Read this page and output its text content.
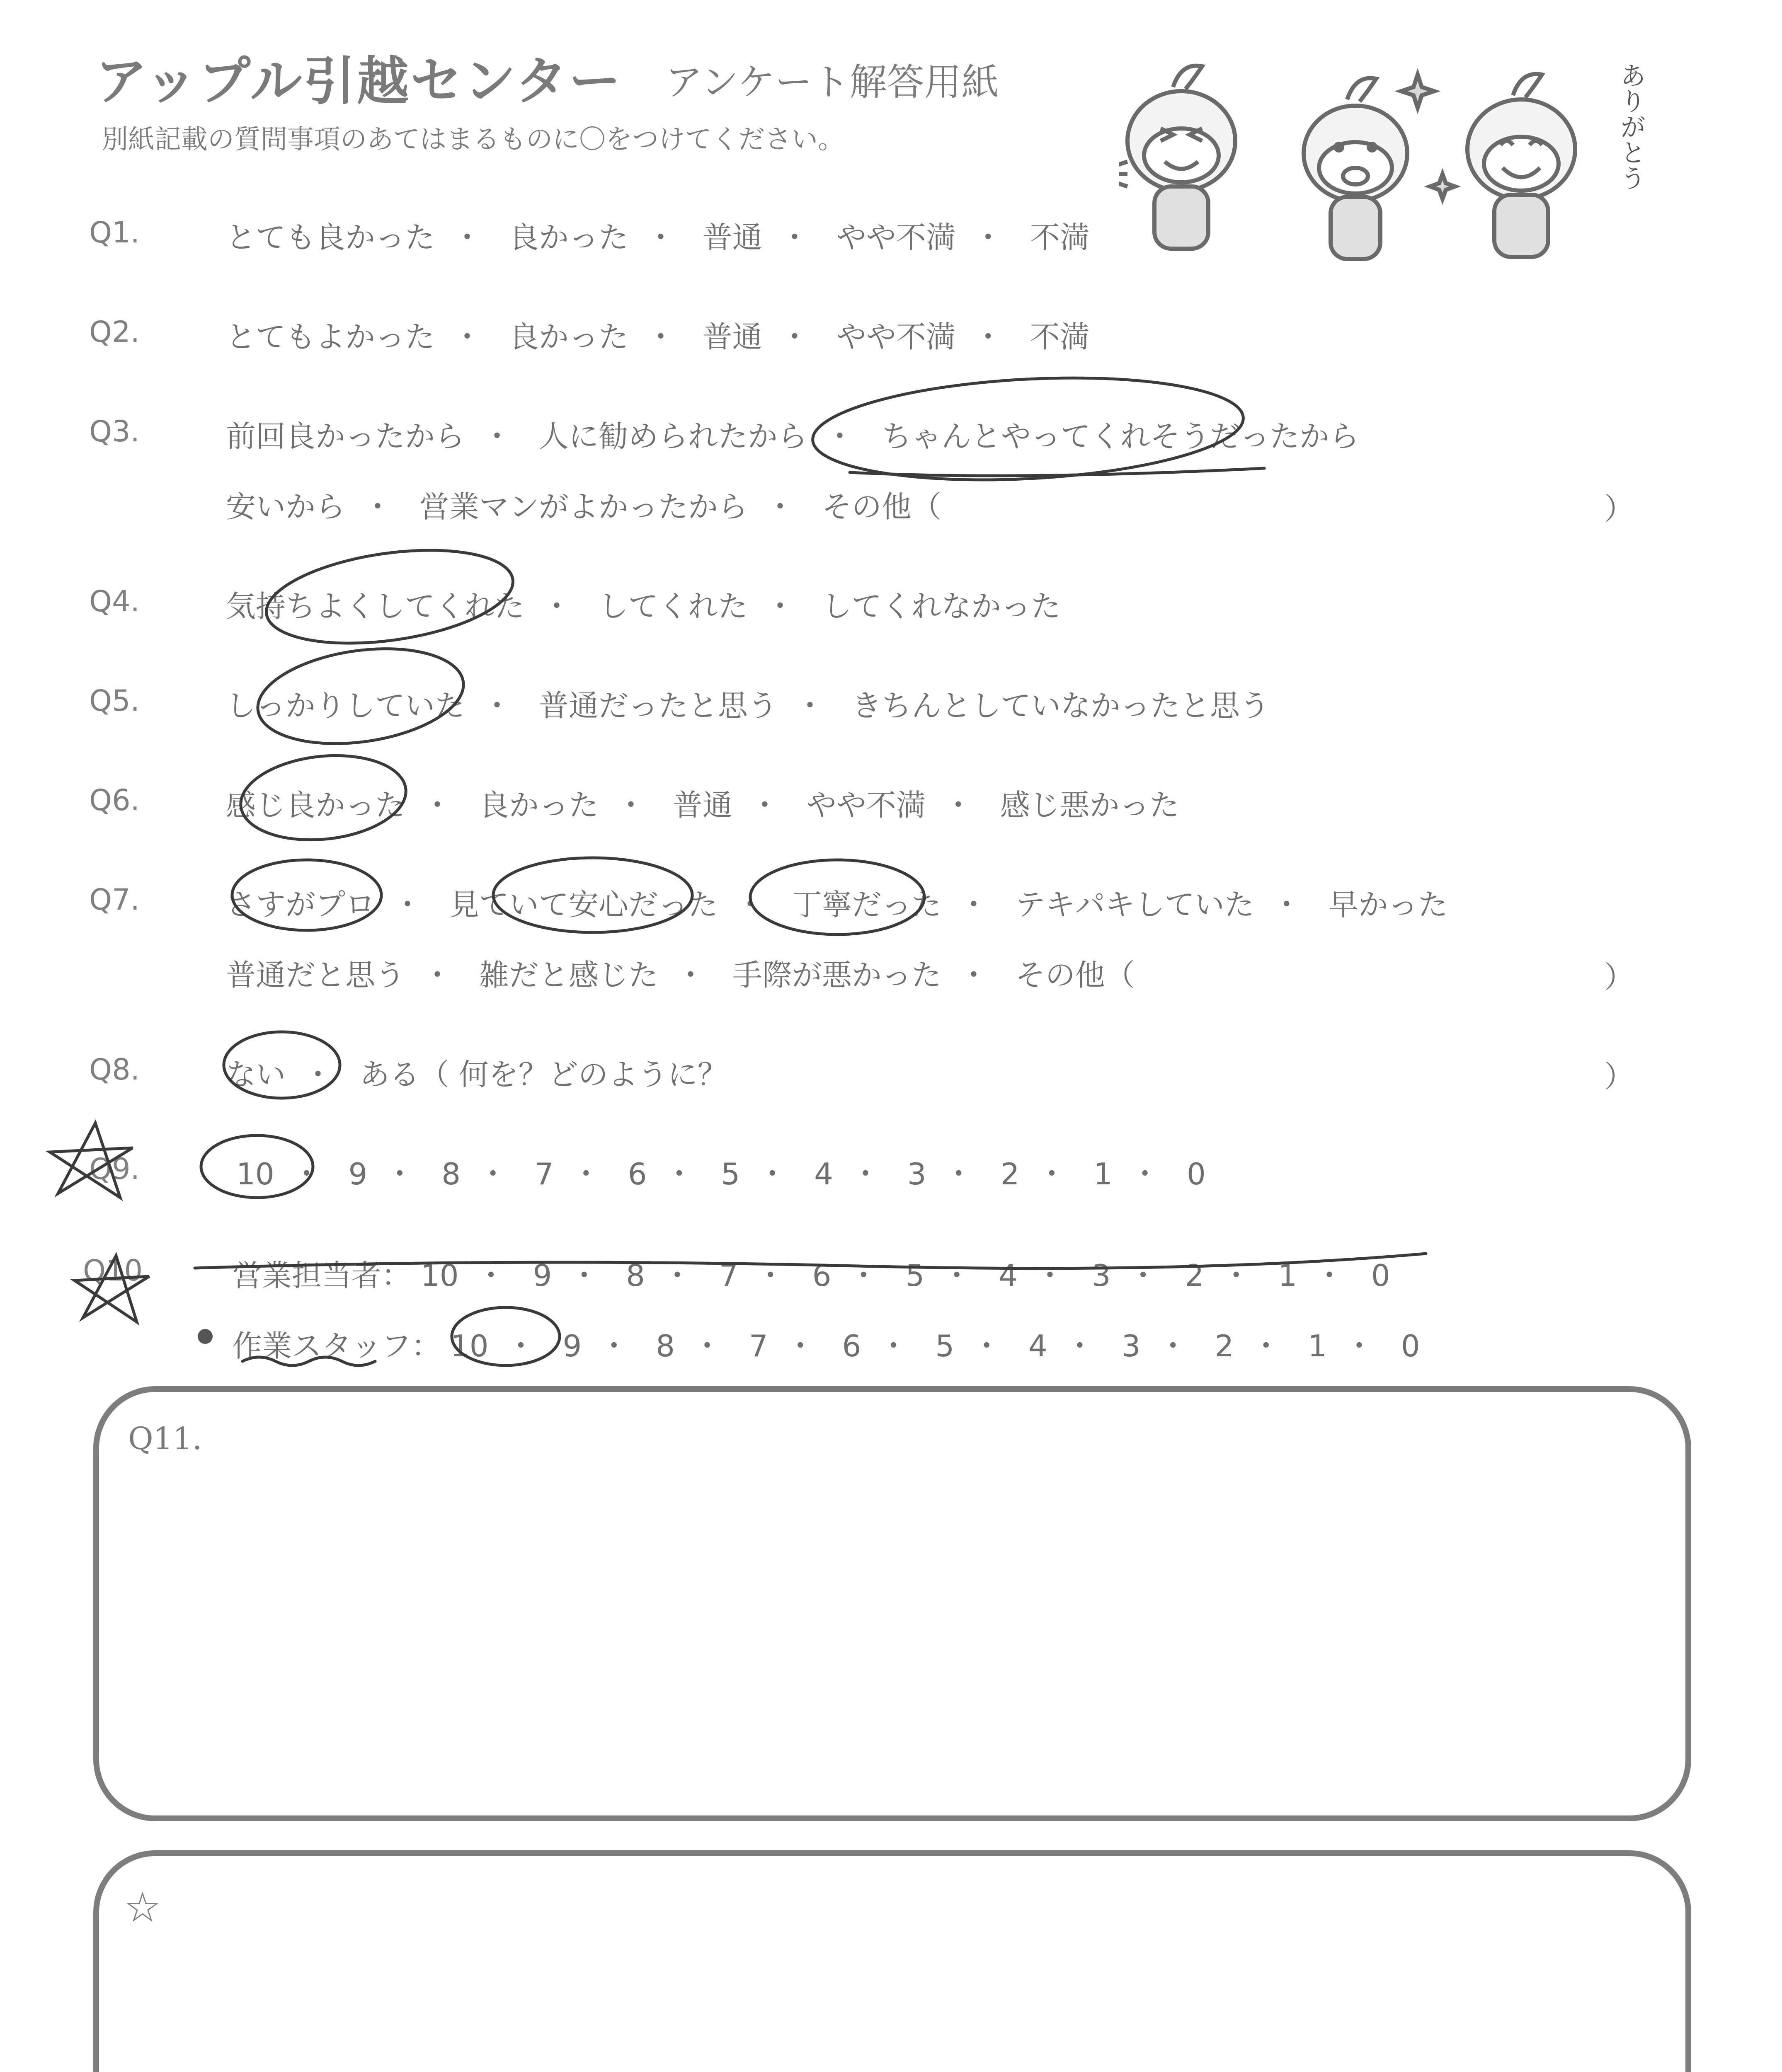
アップル引越センター アンケート解答用紙
別紙記載の質問事項のあてはまるものに〇をつけてください。	ありがとう
Q1.	とても良かった ・ 良かった ・ 普通 ・ やや不満 ・ 不満
Q2.	とてもよかった ・ 良かった ・ 普通 ・ やや不満 ・ 不満
Q3.	前回良かったから ・ 人に勧められたから ・ ちゃんとやってくれそうだったから
安いから ・ 営業マンがよかったから ・ その他（	）
Q4.	気持ちよくしてくれた ・ してくれた ・ してくれなかった
Q5.	しっかりしていた ・ 普通だったと思う ・ きちんとしていなかったと思う
Q6.	感じ良かった ・ 良かった ・ 普通 ・ やや不満 ・ 感じ悪かった
Q7.	さすがプロ ・ 見ていて安心だった ・ 丁寧だった ・ テキパキしていた ・ 早かった
普通だと思う ・ 雑だと感じた ・ 手際が悪かった ・ その他（	）
Q8.	ない ・ ある（ 何を？どのように？	）
Q9.	10 ・ 9 ・ 8 ・ 7 ・ 6 ・ 5 ・ 4 ・ 3 ・ 2 ・ 1 ・ 0
Q10	営業担当者： 10 ・ 9 ・ 8 ・ 7 ・ 6 ・ 5 ・ 4 ・ 3 ・ 2 ・ 1 ・ 0
作業スタッフ： 10 ・ 9 ・ 8 ・ 7 ・ 6 ・ 5 ・ 4 ・ 3 ・ 2 ・ 1 ・ 0
Q11.
☆
